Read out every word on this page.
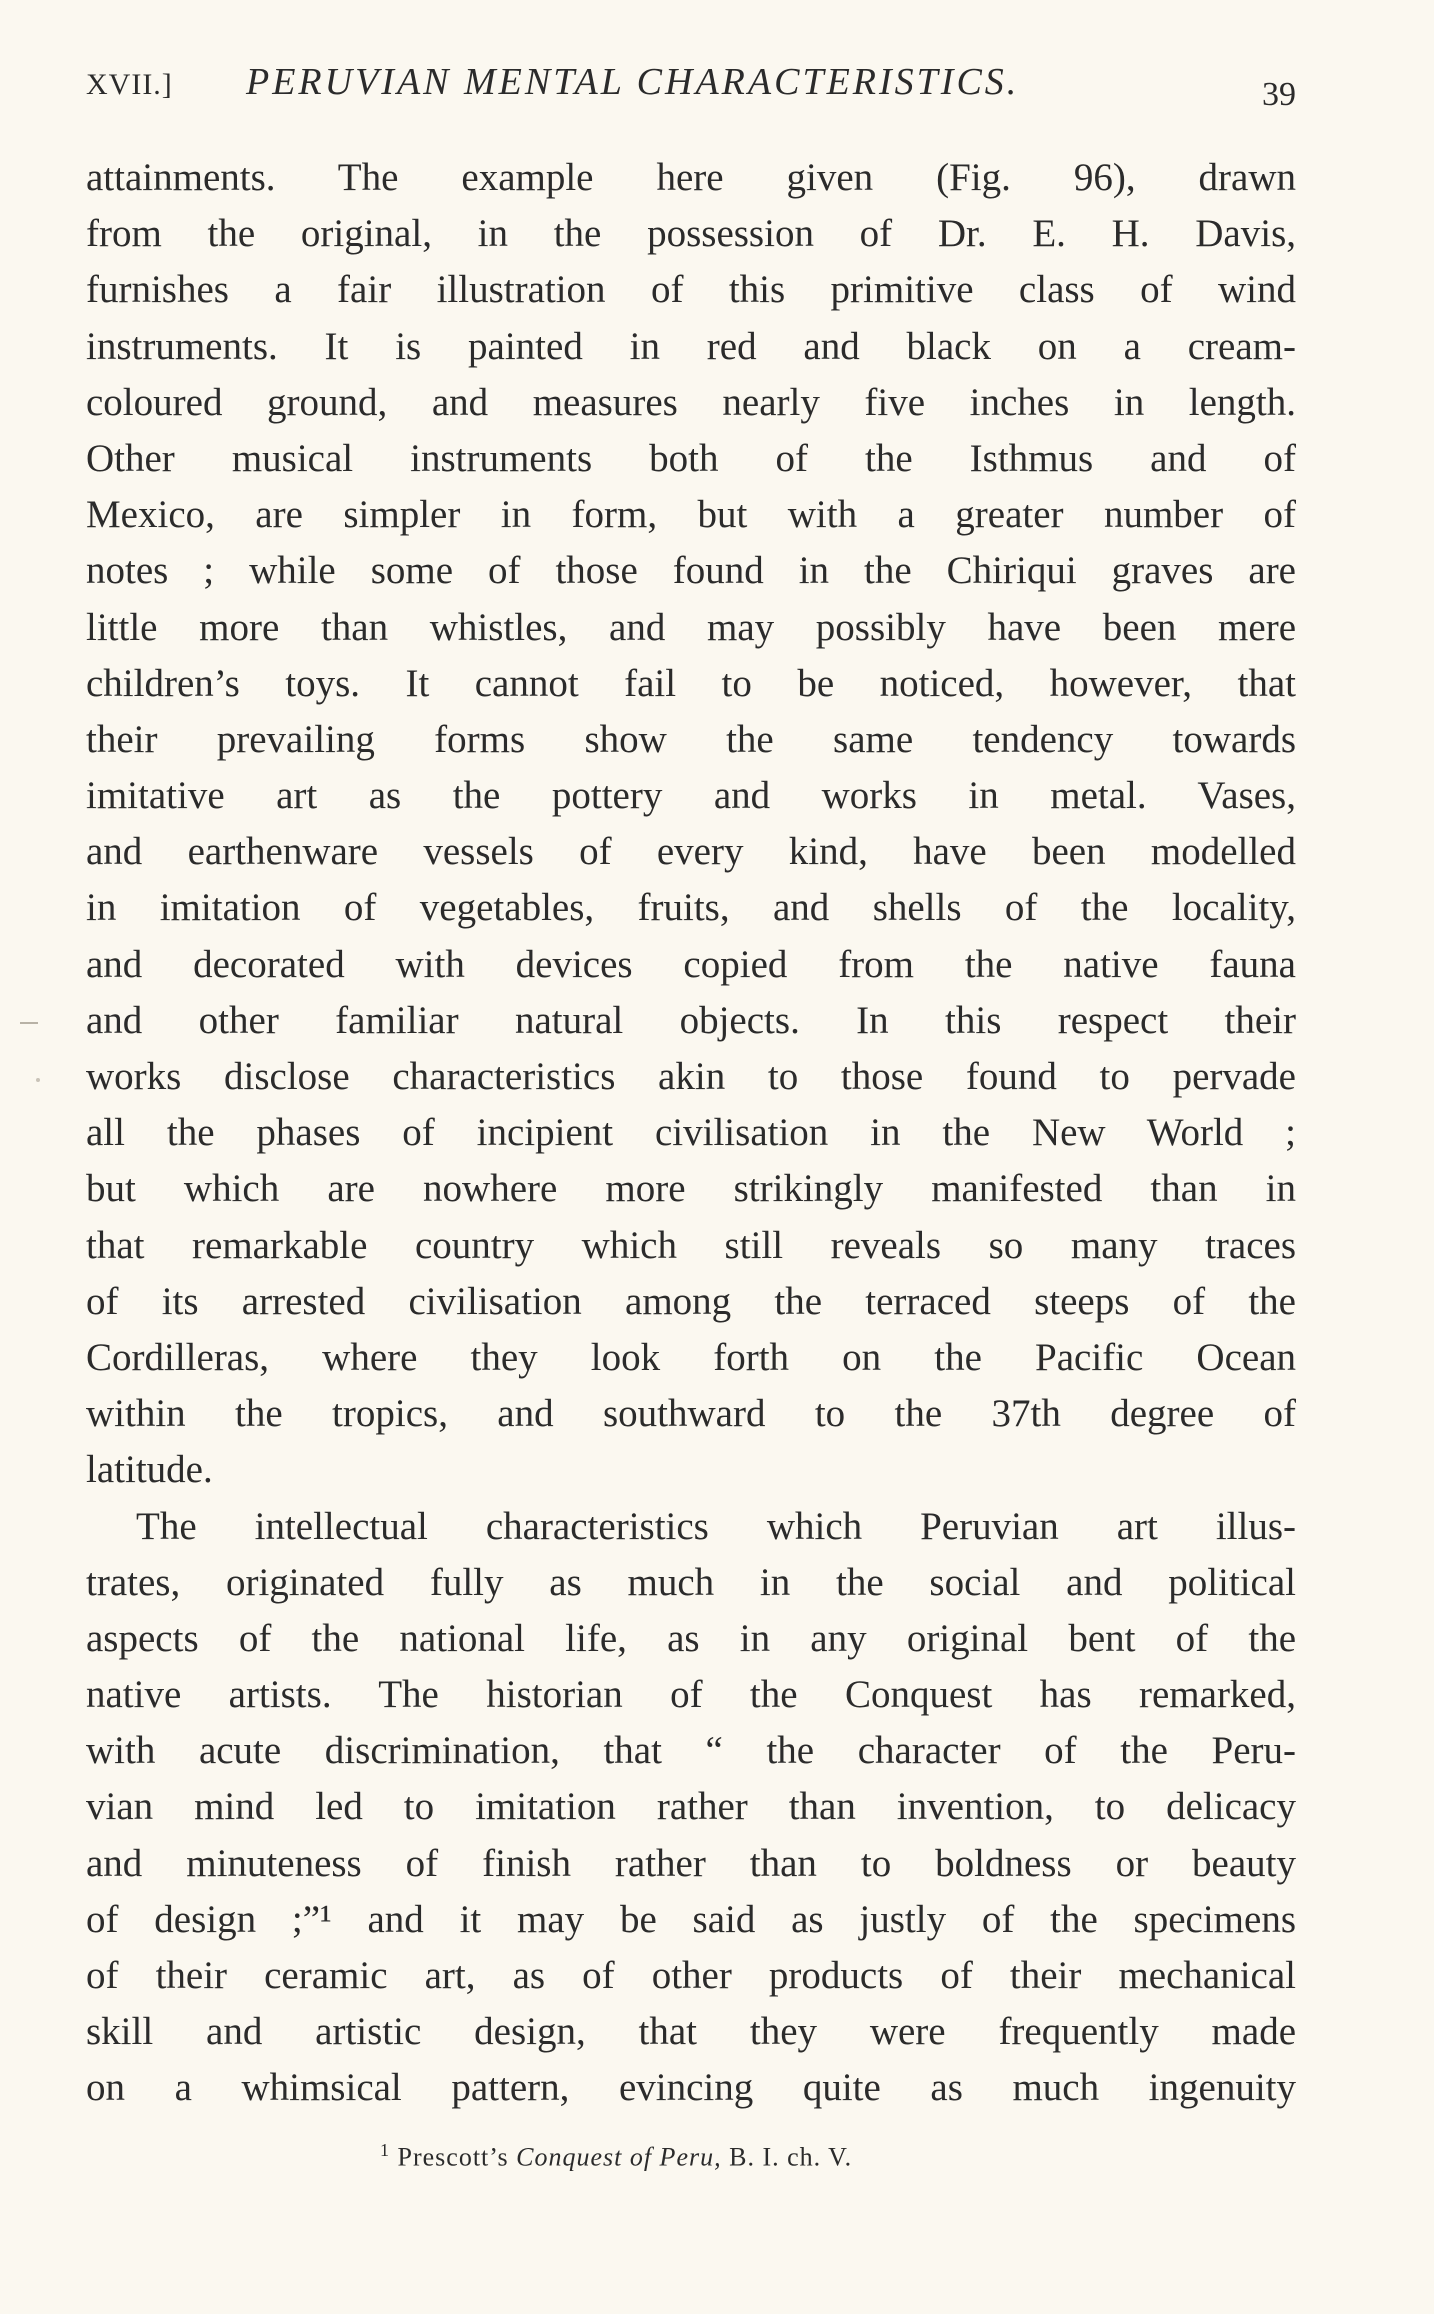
XVII.] PERUVIAN MENTAL CHARACTERISTICS.	39
attainments. The example here given (Fig. 96), drawn
from the original, in the possession of Dr. E. H. Davis,
furnishes a fair illustration of this primitive class of wind
instruments. It is painted in red and black on a cream-
coloured ground, and measures nearly five inches in length.
Other musical instruments both of the Isthmus and of
Mexico, are simpler in form, but with a greater number of
notes ; while some of those found in the Chiriqui graves are
little more than whistles, and may possibly have been mere
children’s toys. It cannot fail to be noticed, however, that
their prevailing forms show the same tendency towards
imitative art as the pottery and works in metal. Vases,
and earthenware vessels of every kind, have been modelled
in imitation of vegetables, fruits, and shells of the locality,
and decorated with devices copied from the native fauna
and other familiar natural objects. In this respect their
works disclose characteristics akin to those found to pervade
all the phases of incipient civilisation in the New World ;
but which are nowhere more strikingly manifested than in
that remarkable country which still reveals so many traces
of its arrested civilisation among the terraced steeps of the
Cordilleras, where they look forth on the Pacific Ocean
within the tropics, and southward to the 37th degree of
latitude.
The intellectual characteristics which Peruvian art illus-
trates, originated fully as much in the social and political
aspects of the national life, as in any original bent of the
native artists. The historian of the Conquest has remarked,
with acute discrimination, that “ the character of the Peru-
vian mind led to imitation rather than invention, to delicacy
and minuteness of finish rather than to boldness or beauty
of design ;”¹ and it may be said as justly of the specimens
of their ceramic art, as of other products of their mechanical
skill and artistic design, that they were frequently made
on a whimsical pattern, evincing quite as much ingenuity
$^1$ Prescott’s Conquest of Peru, B. I. ch. V.
